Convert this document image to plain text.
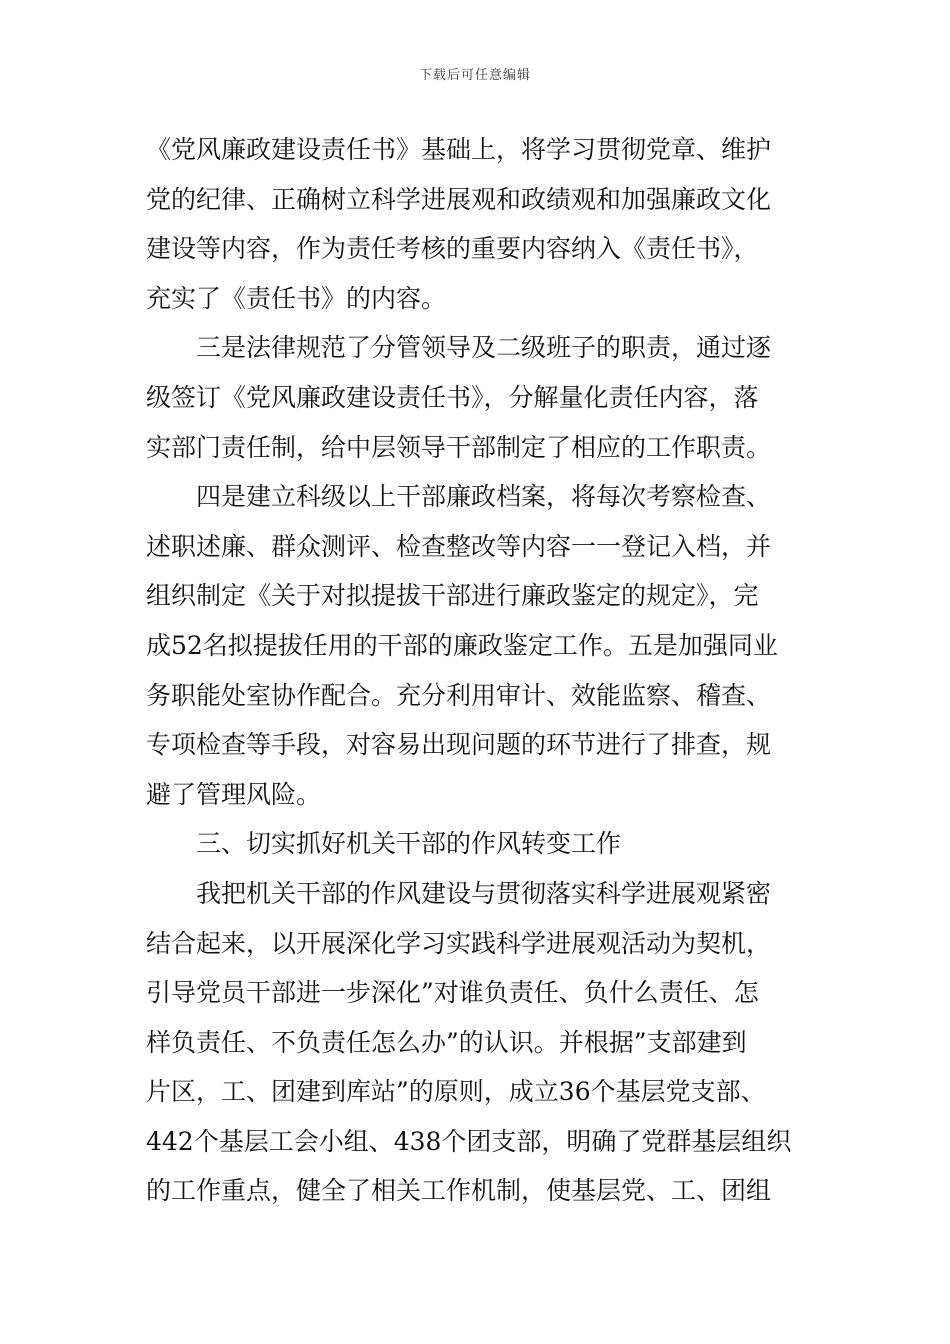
下载后可任意编辑
《党风廉政建设责任书》基础上，将学习贯彻党章、维护
党的纪律、正确树立科学进展观和政绩观和加强廉政文化
建设等内容，作为责任考核的重要内容纳入《责任书》，
充实了《责任书》的内容。
三是法律规范了分管领导及二级班子的职责，通过逐
级签订《党风廉政建设责任书》，分解量化责任内容，落
实部门责任制，给中层领导干部制定了相应的工作职责。
四是建立科级以上干部廉政档案，将每次考察检查、
述职述廉、群众测评、检查整改等内容一一登记入档，并
组织制定《关于对拟提拔干部进行廉政鉴定的规定》，完
成52名拟提拔任用的干部的廉政鉴定工作。五是加强同业
务职能处室协作配合。充分利用审计、效能监察、稽查、
专项检查等手段，对容易出现问题的环节进行了排查，规
避了管理风险。
三、切实抓好机关干部的作风转变工作
我把机关干部的作风建设与贯彻落实科学进展观紧密
结合起来，以开展深化学习实践科学进展观活动为契机，
引导党员干部进一步深化”对谁负责任、负什么责任、怎
样负责任、不负责任怎么办”的认识。并根据”支部建到
片区，工、团建到库站”的原则，成立36个基层党支部、
442个基层工会小组、438个团支部，明确了党群基层组织
的工作重点，健全了相关工作机制，使基层党、工、团组
